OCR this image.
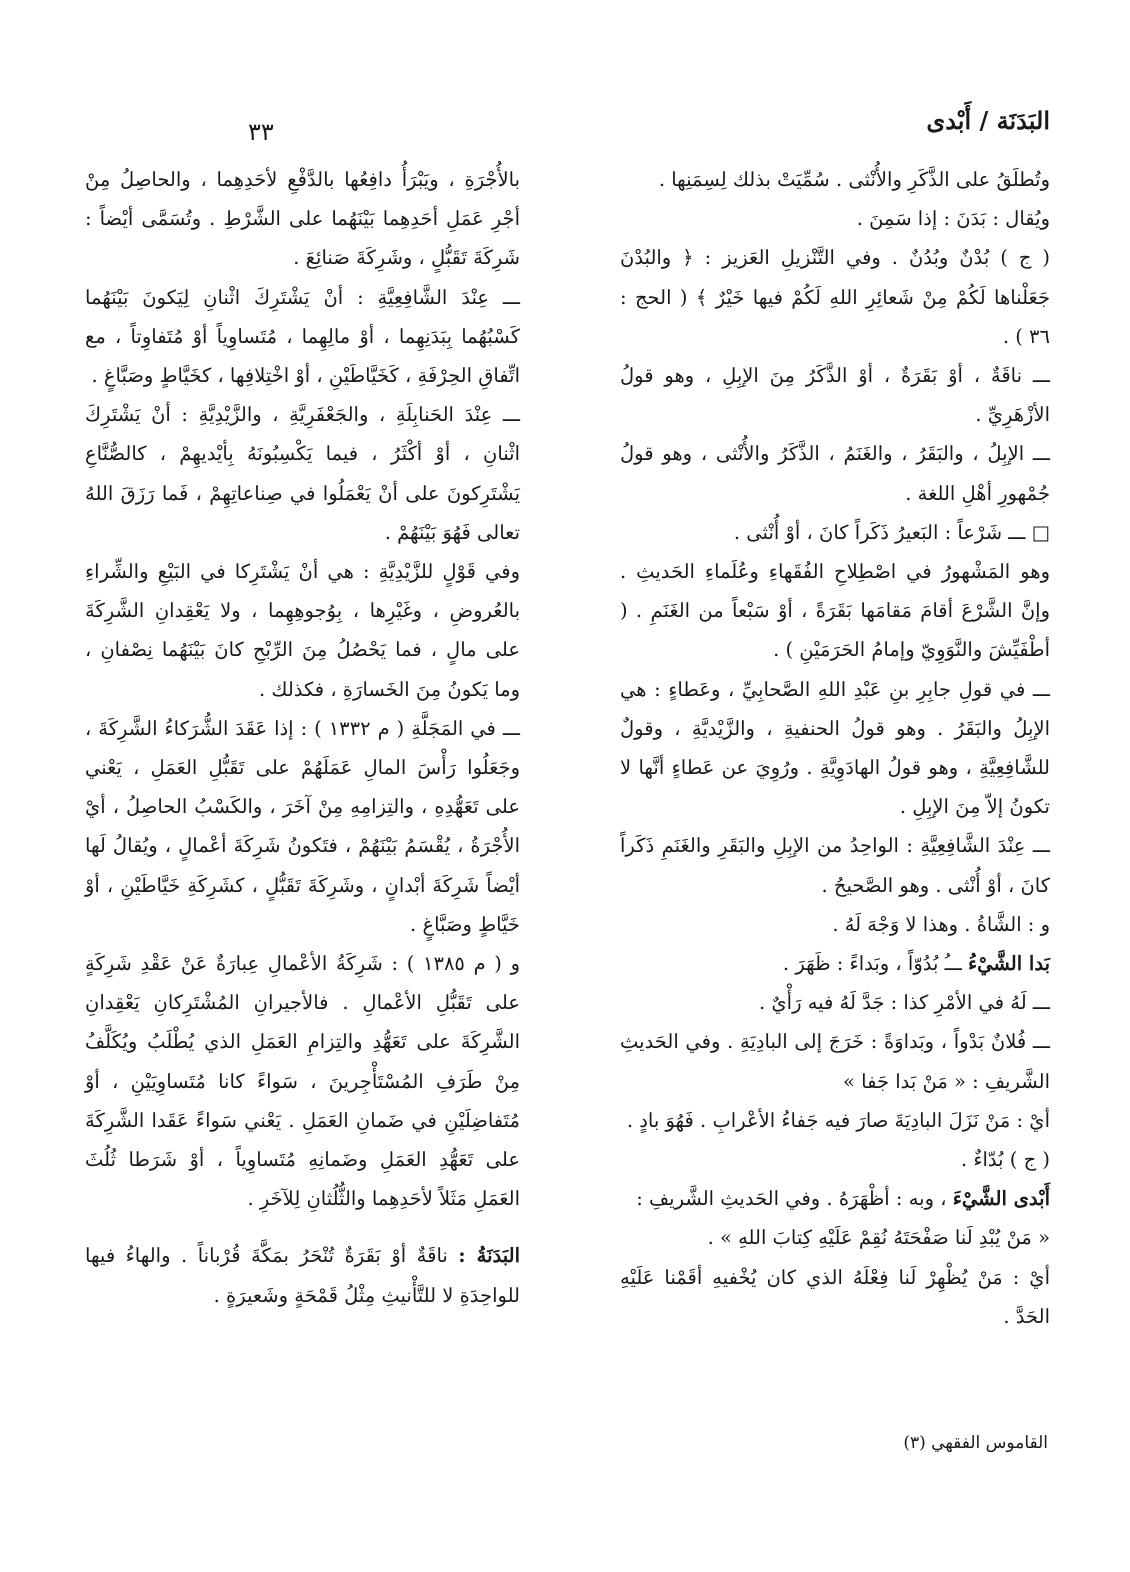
٣٣	البَدَنَة / أَبْدى

وتُطلَقُ على الذَّكَرِ والأُنْثى . سُمِّيَتْ بذلك لِسِمَنِها .

ويُقال : بَدَنَ : إذا سَمِنَ .

( ج ) بُدْنٌ وبُدُنٌ . وفي التَّنْزيلِ العَزيز : ﴿ والبُدْنَ جَعَلْناها لَكُمْ مِنْ شَعائِرِ اللهِ لَكُمْ فيها خَيْرٌ ﴾ ( الحج : ٣٦ ) .

ـــ ناقَةٌ ، أوْ بَقَرَةٌ ، أوْ الذَّكَرُ مِنَ الإبِلِ ، وهو قولُ الأزْهَرِيِّ .

ـــ الإبِلُ ، والبَقَرُ ، والغَنَمُ ، الذَّكَرُ والأُنْثى ، وهو قولُ جُمْهورِ أهْلِ اللغة .

□ ـــ شَرْعاً : البَعيرُ ذَكَراً كانَ ، أوْ أُنْثى .

وهو المَشْهورُ في اصْطِلاحِ الفُقَهاءِ وعُلَماءِ الحَديثِ . وإنَّ الشَّرْعَ أقامَ مَقامَها بَقَرَةً ، أوْ سَبْعاً من الغَنَمِ . ( أطْفَيِّشَ والنَّوَوِيّ وإمامُ الحَرَمَيْنِ ) .

ـــ في قولِ جابِرِ بنِ عَبْدِ اللهِ الصَّحابِيِّ ، وعَطاءٍ : هي الإبِلُ والبَقَرُ . وهو قولُ الحنفيةِ ، والزَّيْديَّةِ ، وقولٌ للشَّافِعِيَّةِ ، وهو قولُ الهادَوِيَّةِ . ورُوِيَ عن عَطاءٍ أنَّها لا تكونُ إلاّ مِنَ الإبِلِ .

ـــ عِنْدَ الشَّافِعِيَّةِ : الواحِدُ من الإبِلِ والبَقَرِ والغَنَمِ ذَكَراً كانَ ، أوْ أُنْثى . وهو الصَّحيحُ .

و : الشَّاةُ . وهذا لا وَجْهَ لَهُ .

بَدا الشَّيْءُ ـــُ بُدُوّاً ، وبَداءً : ظَهَرَ .

ـــ لَهُ في الأمْرِ كذا : جَدَّ لَهُ فيه رَأْيٌ .

ـــ فُلانٌ بَدْواً ، وبَداوَةً : خَرَجَ إلى البادِيَةِ . وفي الحَديثِ الشَّريفِ : « مَنْ بَدا جَفا »

أيْ : مَنْ نَزَلَ البادِيَةَ صارَ فيه جَفاءُ الأعْرابِ . فَهُوَ بادٍ .

( ج ) بُدّاءٌ .

أَبْدى الشَّيْءَ ، وبه : أظْهَرَهُ . وفي الحَديثِ الشَّريفِ :

« مَنْ يُبْدِ لَنا صَفْحَتَهُ نُقِمْ عَلَيْهِ كِتابَ اللهِ » .

أيْ : مَنْ يُظْهِرْ لَنا فِعْلَهُ الذي كان يُخْفيهِ أقَمْنا عَلَيْهِ الحَدَّ .

بالأُجْرَةِ ، ويَبْرَأُ دافِعُها بالدَّفْعِ لأحَدِهِما ، والحاصِلُ مِنْ أجْرِ عَمَلِ أحَدِهِما بَيْنَهُما على الشَّرْطِ . وتُسَمَّى أيْضاً : شَرِكَةَ تَقَبُّلٍ ، وشَرِكَةَ صَنائِعَ .

ـــ عِنْدَ الشَّافِعِيَّةِ : أنْ يَشْتَرِكَ اثْنانِ لِيَكونَ بَيْنَهُما كَسْبُهُما بِبَدَنِهِما ، أوْ مالِهِما ، مُتَساوِياً أوْ مُتَفاوِتاً ، مع اتِّفاقِ الحِرْفَةِ ، كَخَيَّاطَيْنِ ، أوْ اخْتِلافِها ، كخَيَّاطٍ وصَبَّاغٍ .

ـــ عِنْدَ الحَنابِلَةِ ، والجَعْفَرِيَّةِ ، والزَّيْدِيَّةِ : أنْ يَشْتَرِكَ اثْنانِ ، أوْ أكْثَرُ ، فيما يَكْسِبُونَهُ بِأيْديهِمْ ، كالصُّنَّاعِ يَشْتَرِكونَ على أنْ يَعْمَلُوا في صِناعاتِهِمْ ، فَما رَزَقَ اللهُ تعالى فَهُوَ بَيْنَهُمْ .

وفي قَوْلٍ للزَّيْدِيَّةِ : هي أنْ يَشْتَرِكا في البَيْعِ والشِّراءِ بالعُروضِ ، وغَيْرِها ، بِوُجوهِهِما ، ولا يَعْقِدانِ الشَّرِكَةَ على مالٍ ، فما يَحْصُلُ مِنَ الرِّبْحِ كانَ بَيْنَهُما نِصْفانِ ، وما يَكونُ مِنَ الخَسارَةِ ، فكذلك .

ـــ في المَجَلَّةِ ( م ١٣٣٢ ) : إذا عَقَدَ الشُّرَكاءُ الشَّرِكَةَ ، وجَعَلُوا رَأْسَ المالِ عَمَلَهُمْ على تَقَبُّلِ العَمَلِ ، يَعْني على تَعَهُّدِهِ ، والتِزامِهِ مِنْ آخَرَ ، والكَسْبُ الحاصِلُ ، أيْ الأُجْرَةُ ، يُقْسَمُ بَيْنَهُمْ ، فتَكونُ شَرِكَةَ أعْمالٍ ، ويُقالُ لَها أيْضاً شَرِكَةَ أبْدانٍ ، وشَرِكَةَ تَقَبُّلٍ ، كشَرِكَةِ خَيَّاطَيْنِ ، أوْ خَيَّاطٍ وصَبَّاغٍ .

و ( م ١٣٨٥ ) : شَرِكَةُ الأعْمالِ عِبارَةٌ عَنْ عَقْدِ شَرِكَةٍ على تَقَبُّلِ الأعْمالِ . فالأجيرانِ المُشْتَرِكانِ يَعْقِدانِ الشَّرِكَةَ على تَعَهُّدِ والتِزامِ العَمَلِ الذي يُطْلَبُ ويُكَلَّفُ مِنْ طَرَفِ المُسْتَأْجِرينَ ، سَواءً كانا مُتَساوِيَيْنِ ، أوْ مُتَفاضِلَيْنِ في ضَمانِ العَمَلِ . يَعْني سَواءً عَقَدا الشَّرِكَةَ على تَعَهُّدِ العَمَلِ وضَمانِهِ مُتَساوِياً ، أوْ شَرَطا ثُلُثَ العَمَلِ مَثَلاً لأحَدِهِما والثُّلُثانِ لِلآخَرِ .

البَدَنَةُ : ناقَةٌ أوْ بَقَرَةٌ تُنْحَرُ بمَكَّةَ قُرْباناً . والهاءُ فيها للواحِدَةِ لا للتَّأْنيثِ مِثْلُ قَمْحَةٍ وشَعيرَةٍ .

القاموس الفقهي (٣)
